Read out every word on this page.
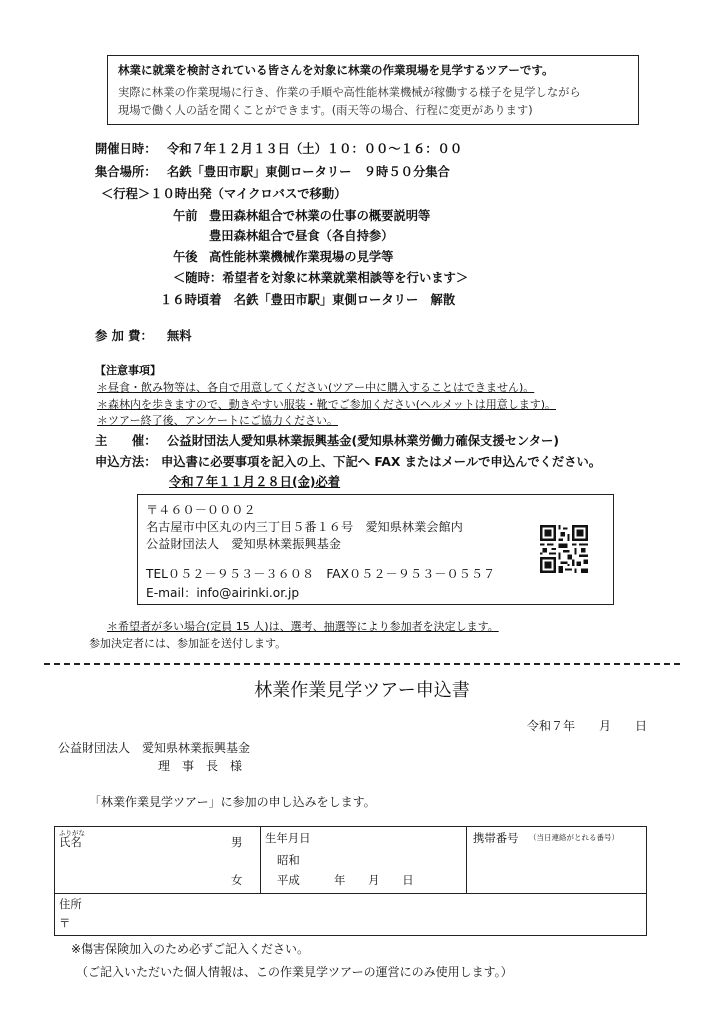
林業に就業を検討されている皆さんを対象に林業の作業現場を見学するツアーです。
実際に林業の作業現場に行き、作業の手順や高性能林業機械が稼働する様子を見学しながら
現場で働く人の話を聞くことができます。(雨天等の場合、行程に変更があります)
開催日時： 令和７年１２月１３日（土）１０：００～１６：００
集合場所： 名鉄「豊田市駅」東側ロータリー　９時５０分集合
＜行程＞１０時出発（マイクロバスで移動）
午前 豊田森林組合で林業の仕事の概要説明等
豊田森林組合で昼食（各自持参）
午後 高性能林業機械作業現場の見学等
＜随時：希望者を対象に林業就業相談等を行います＞
１６時頃着　名鉄「豊田市駅」東側ロータリー　解散
参 加 費： 無料
【注意事項】
＊昼食・飲み物等は、各自で用意してください(ツアー中に購入することはできません)。
＊森林内を歩きますので、動きやすい服装・靴でご参加ください(ヘルメットは用意します)。
＊ツアー終了後、アンケートにご協力ください。
主　　催： 公益財団法人愛知県林業振興基金(愛知県林業労働力確保支援センター)
申込方法： 申込書に必要事項を記入の上、下記へ FAX またはメールで申込んでください。
令和７年１１月２８日(金)必着
〒４６０－０００２
名古屋市中区丸の内三丁目５番１６号　愛知県林業会館内
公益財団法人　愛知県林業振興基金
TEL０５２－９５３－３６０８　FAX０５２－９５３－０５５７
E-mail：info@airinki.or.jp
＊希望者が多い場合(定員 15 人)は、選考、抽選等により参加者を決定します。
参加決定者には、参加証を送付します。
林業作業見学ツアー申込書
令和７年　　月　　日
公益財団法人　愛知県林業振興基金
理　事　長　様
「林業作業見学ツアー」に参加の申し込みをします。
ふりがな
氏名	男
女
生年月日
昭和
平成　　　年　　月　　日
携帯番号 （当日連絡がとれる番号）
住所
〒
※傷害保険加入のため必ずご記入ください。
（ご記入いただいた個人情報は、この作業見学ツアーの運営にのみ使用します。）
